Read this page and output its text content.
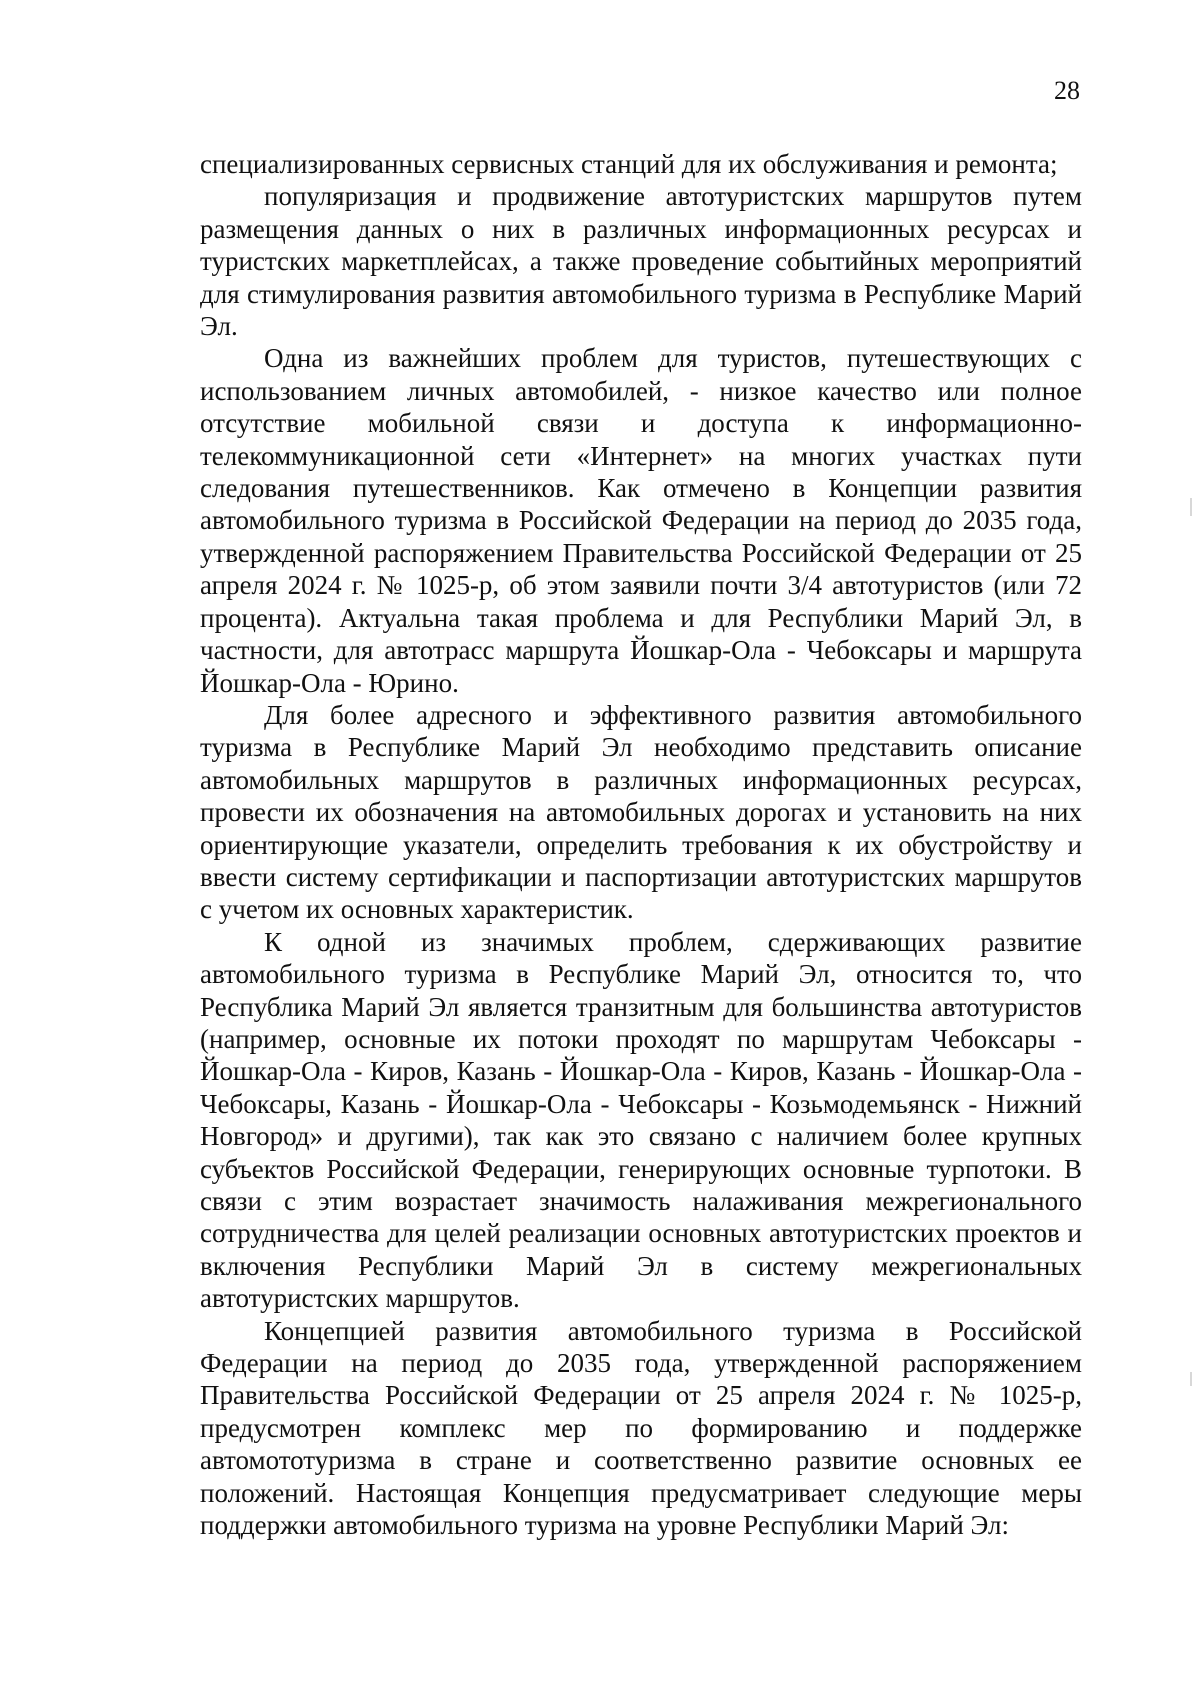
28

специализированных сервисных станций для их обслуживания и ремонта;

популяризация и продвижение автотуристских маршрутов путем размещения данных о них в различных информационных ресурсах и туристских маркетплейсах, а также проведение событийных мероприятий для стимулирования развития автомобильного туризма в Республике Марий Эл.

Одна из важнейших проблем для туристов, путешествующих с использованием личных автомобилей, - низкое качество или полное отсутствие мобильной связи и доступа к информационно-телекоммуникационной сети «Интернет» на многих участках пути следования путешественников. Как отмечено в Концепции развития автомобильного туризма в Российской Федерации на период до 2035 года, утвержденной распоряжением Правительства Российской Федерации от 25 апреля 2024 г. № 1025-р, об этом заявили почти 3/4 автотуристов (или 72 процента). Актуальна такая проблема и для Республики Марий Эл, в частности, для автотрасс маршрута Йошкар-Ола - Чебоксары и маршрута Йошкар-Ола - Юрино.

Для более адресного и эффективного развития автомобильного туризма в Республике Марий Эл необходимо представить описание автомобильных маршрутов в различных информационных ресурсах, провести их обозначения на автомобильных дорогах и установить на них ориентирующие указатели, определить требования к их обустройству и ввести систему сертификации и паспортизации автотуристских маршрутов с учетом их основных характеристик.

К одной из значимых проблем, сдерживающих развитие автомобильного туризма в Республике Марий Эл, относится то, что Республика Марий Эл является транзитным для большинства автотуристов (например, основные их потоки проходят по маршрутам Чебоксары - Йошкар-Ола - Киров, Казань - Йошкар-Ола - Киров, Казань - Йошкар-Ола - Чебоксары, Казань - Йошкар-Ола - Чебоксары - Козьмодемьянск - Нижний Новгород» и другими), так как это связано с наличием более крупных субъектов Российской Федерации, генерирующих основные турпотоки. В связи с этим возрастает значимость налаживания межрегионального сотрудничества для целей реализации основных автотуристских проектов и включения Республики Марий Эл в систему межрегиональных автотуристских маршрутов.

Концепцией развития автомобильного туризма в Российской Федерации на период до 2035 года, утвержденной распоряжением Правительства Российской Федерации от 25 апреля 2024 г. № 1025-р, предусмотрен комплекс мер по формированию и поддержке автомототуризма в стране и соответственно развитие основных ее положений. Настоящая Концепция предусматривает следующие меры поддержки автомобильного туризма на уровне Республики Марий Эл:
